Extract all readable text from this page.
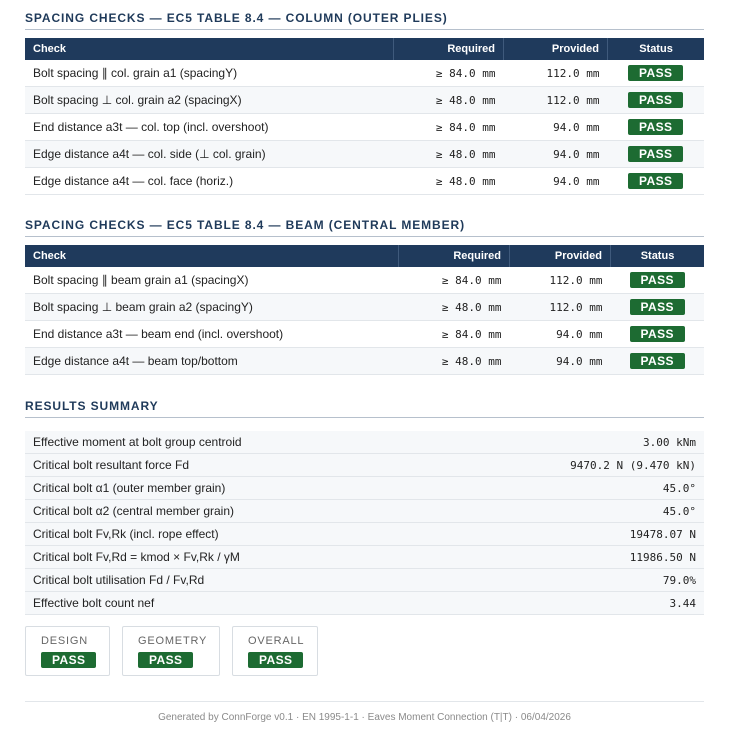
SPACING CHECKS — EC5 TABLE 8.4 — COLUMN (OUTER PLIES)
Check	Required	Provided	Status
Bolt spacing ∥ col. grain a1 (spacingY)	≥ 84.0 mm	112.0 mm	PASS
Bolt spacing ⊥ col. grain a2 (spacingX)	≥ 48.0 mm	112.0 mm	PASS
End distance a3t — col. top (incl. overshoot)	≥ 84.0 mm	94.0 mm	PASS
Edge distance a4t — col. side (⊥ col. grain)	≥ 48.0 mm	94.0 mm	PASS
Edge distance a4t — col. face (horiz.)	≥ 48.0 mm	94.0 mm	PASS
SPACING CHECKS — EC5 TABLE 8.4 — BEAM (CENTRAL MEMBER)
Check	Required	Provided	Status
Bolt spacing ∥ beam grain a1 (spacingX)	≥ 84.0 mm	112.0 mm	PASS
Bolt spacing ⊥ beam grain a2 (spacingY)	≥ 48.0 mm	112.0 mm	PASS
End distance a3t — beam end (incl. overshoot)	≥ 84.0 mm	94.0 mm	PASS
Edge distance a4t — beam top/bottom	≥ 48.0 mm	94.0 mm	PASS
RESULTS SUMMARY
Effective moment at bolt group centroid	3.00 kNm
Critical bolt resultant force Fd	9470.2 N (9.470 kN)
Critical bolt α1 (outer member grain)	45.0°
Critical bolt α2 (central member grain)	45.0°
Critical bolt Fv,Rk (incl. rope effect)	19478.07 N
Critical bolt Fv,Rd = kmod × Fv,Rk / γM	11986.50 N
Critical bolt utilisation Fd / Fv,Rd	79.0%
Effective bolt count nef	3.44
DESIGN
PASS
GEOMETRY
PASS
OVERALL
PASS
Generated by ConnForge v0.1 · EN 1995-1-1 · Eaves Moment Connection (T|T) · 06/04/2026
